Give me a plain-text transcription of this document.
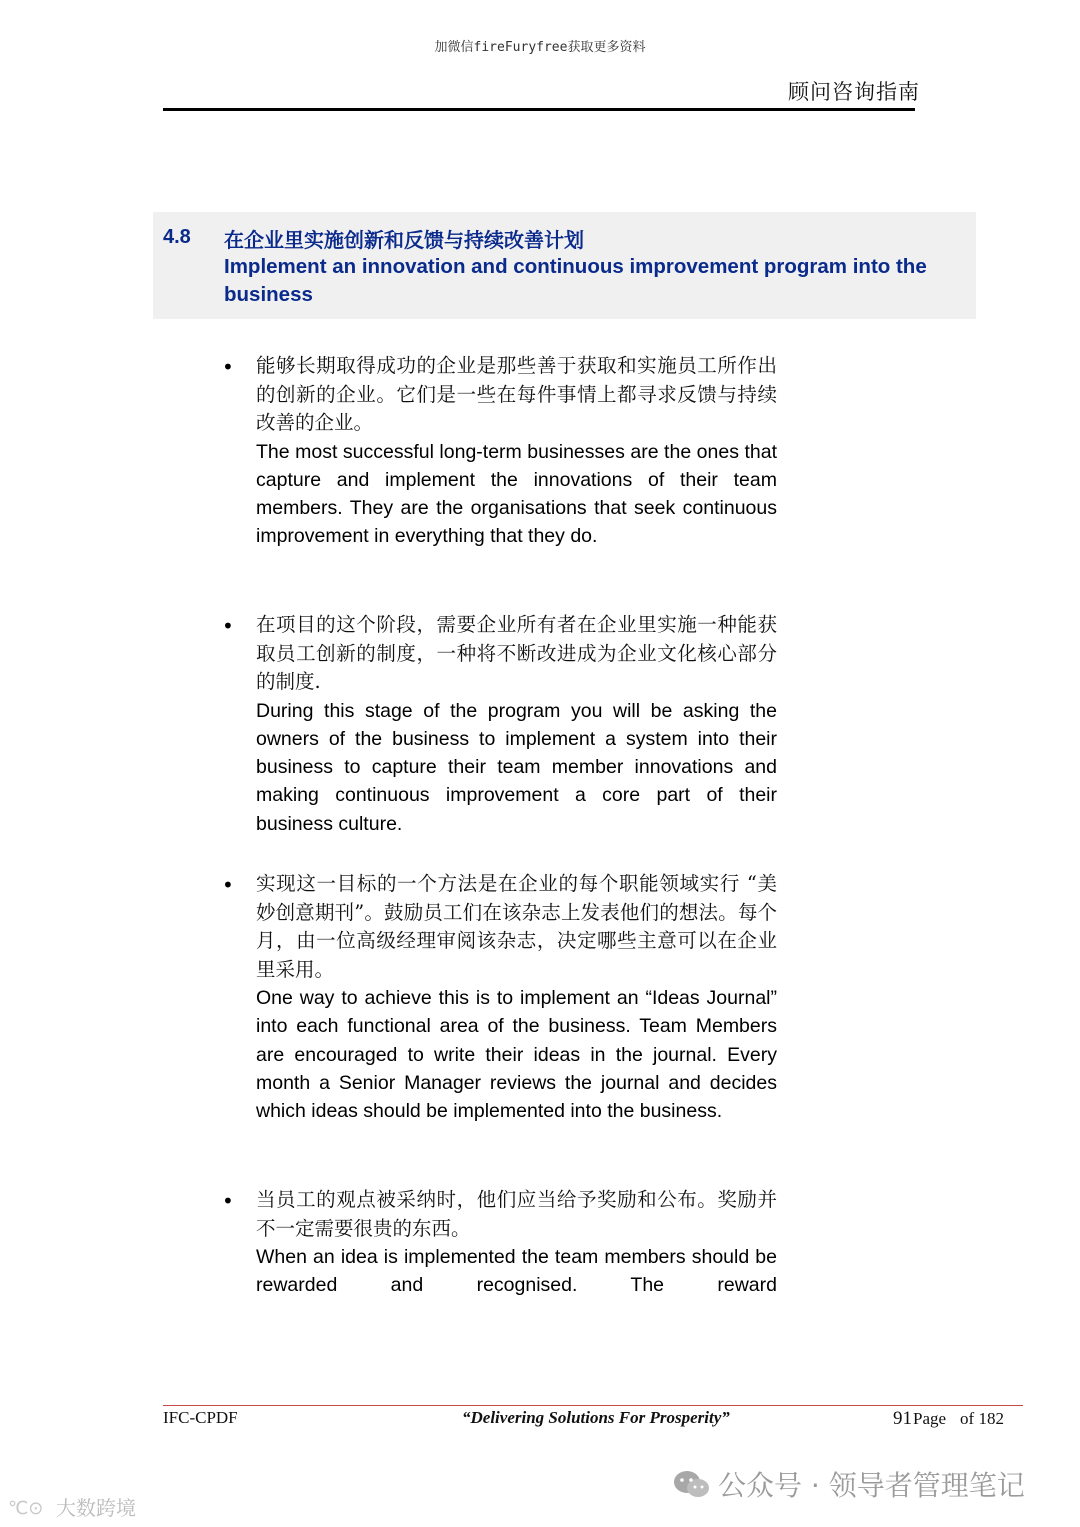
加微信fireFuryfree获取更多资料
顾问咨询指南
4.8 在企业里实施创新和反馈与持续改善计划
Implement an innovation and continuous improvement program into the business
• 能够长期取得成功的企业是那些善于获取和实施员工所作出的创新的企业。它们是一些在每件事情上都寻求反馈与持续改善的企业。

The most successful long-term businesses are the ones that capture and implement the innovations of their team members. They are the organisations that seek continuous improvement in everything that they do.

• 在项目的这个阶段，需要企业所有者在企业里实施一种能获取员工创新的制度，一种将不断改进成为企业文化核心部分的制度.

During this stage of the program you will be asking the owners of the business to implement a system into their business to capture their team member innovations and making continuous improvement a core part of their business culture.

• 实现这一目标的一个方法是在企业的每个职能领域实行 “美妙创意期刊”。鼓励员工们在该杂志上发表他们的想法。每个月，由一位高级经理审阅该杂志，决定哪些主意可以在企业里采用。

One way to achieve this is to implement an “Ideas Journal” into each functional area of the business. Team Members are encouraged to write their ideas in the journal. Every month a Senior Manager reviews the journal and decides which ideas should be implemented into the business.

• 当员工的观点被采纳时，他们应当给予奖励和公布。奖励并不一定需要很贵的东西。

When an idea is implemented the team members should be rewarded and recognised. The reward

IFC-CPDF	“Delivering Solutions For Prosperity”	91Page of 182
℃⊙ 大数跨境
公众号 · 领导者管理笔记
